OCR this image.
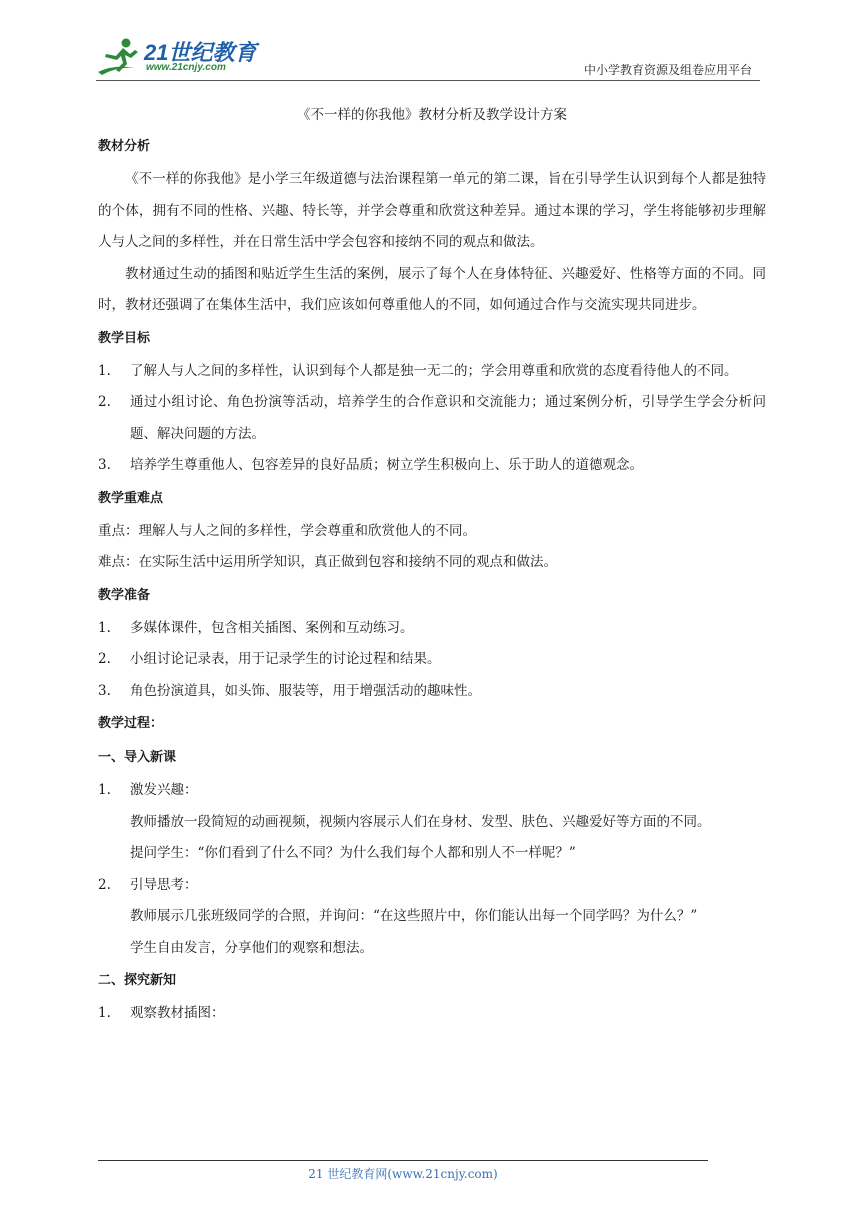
21世纪教育
www.21cnjy.com	中小学教育资源及组卷应用平台

《不一样的你我他》教材分析及教学设计方案

教材分析

《不一样的你我他》是小学三年级道德与法治课程第一单元的第二课，旨在引导学生认识到每个人都是独特的个体，拥有不同的性格、兴趣、特长等，并学会尊重和欣赏这种差异。通过本课的学习，学生将能够初步理解人与人之间的多样性，并在日常生活中学会包容和接纳不同的观点和做法。

教材通过生动的插图和贴近学生生活的案例，展示了每个人在身体特征、兴趣爱好、性格等方面的不同。同时，教材还强调了在集体生活中，我们应该如何尊重他人的不同，如何通过合作与交流实现共同进步。

教学目标

1. 了解人与人之间的多样性，认识到每个人都是独一无二的；学会用尊重和欣赏的态度看待他人的不同。

2. 通过小组讨论、角色扮演等活动，培养学生的合作意识和交流能力；通过案例分析，引导学生学会分析问题、解决问题的方法。

3. 培养学生尊重他人、包容差异的良好品质；树立学生积极向上、乐于助人的道德观念。

教学重难点

重点：理解人与人之间的多样性，学会尊重和欣赏他人的不同。

难点：在实际生活中运用所学知识，真正做到包容和接纳不同的观点和做法。

教学准备

1. 多媒体课件，包含相关插图、案例和互动练习。

2. 小组讨论记录表，用于记录学生的讨论过程和结果。

3. 角色扮演道具，如头饰、服装等，用于增强活动的趣味性。

教学过程：

一、导入新课

1. 激发兴趣：

教师播放一段简短的动画视频，视频内容展示人们在身材、发型、肤色、兴趣爱好等方面的不同。

提问学生：“你们看到了什么不同？为什么我们每个人都和别人不一样呢？”

2. 引导思考：

教师展示几张班级同学的合照，并询问：“在这些照片中，你们能认出每一个同学吗？为什么？”

学生自由发言，分享他们的观察和想法。

二、探究新知

1. 观察教材插图：

21 世纪教育网(www.21cnjy.com)
